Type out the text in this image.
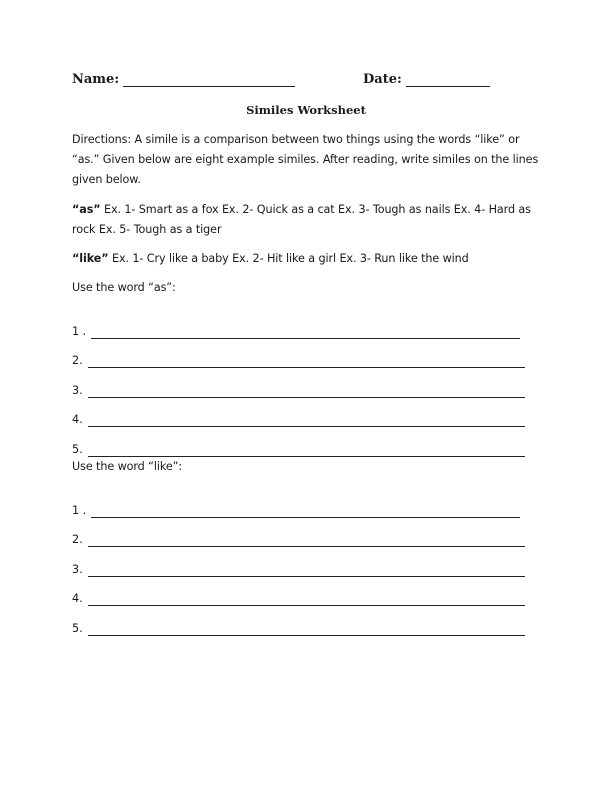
Name:	Date:
Similes Worksheet
Directions: A simile is a comparison between two things using the words “like” or “as.” Given below are eight example similes. After reading, write similes on the lines given below.
“as” Ex. 1- Smart as a fox Ex. 2- Quick as a cat Ex. 3- Tough as nails Ex. 4- Hard as rock Ex. 5- Tough as a tiger
“like” Ex. 1- Cry like a baby Ex. 2- Hit like a girl Ex. 3- Run like the wind
Use the word “as”:
1 .
2.
3.
4.
5.
Use the word “like”:
1 .
2.
3.
4.
5.
